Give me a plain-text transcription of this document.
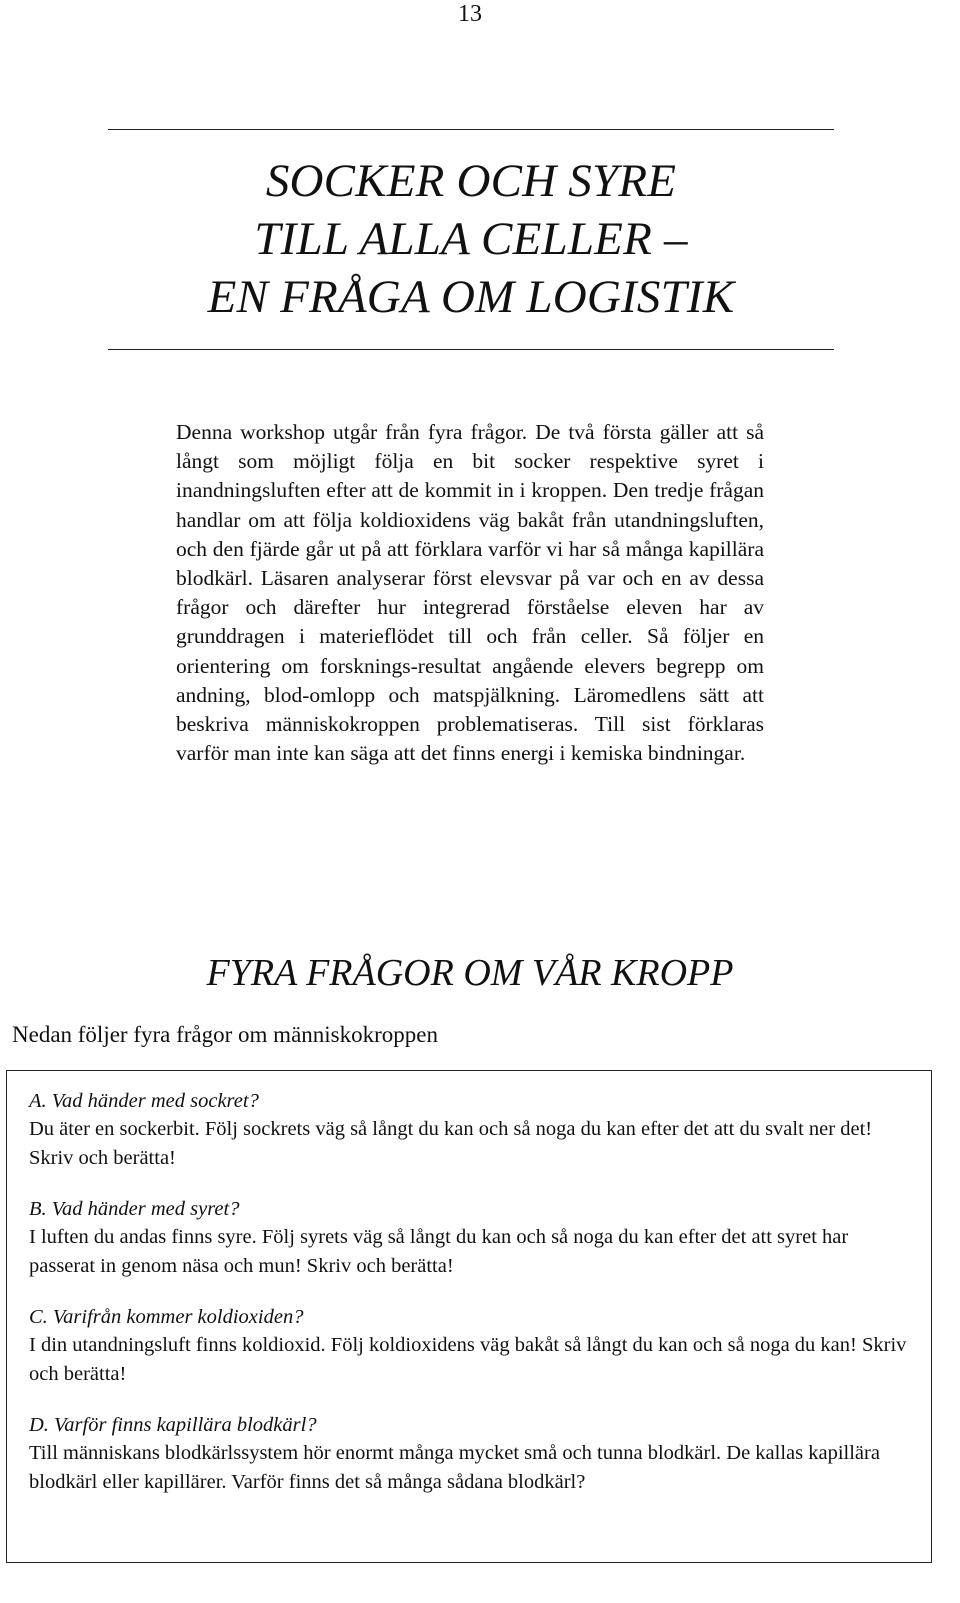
13
SOCKER OCH SYRE
TILL ALLA CELLER –
EN FRÅGA OM LOGISTIK

Denna workshop utgår från fyra frågor. De två första gäller att så långt som möjligt följa en bit socker respektive syret i inandningsluften efter att de kommit in i kroppen. Den tredje frågan handlar om att följa koldioxidens väg bakåt från utandningsluften, och den fjärde går ut på att förklara varför vi har så många kapillära blodkärl. Läsaren analyserar först elevsvar på var och en av dessa frågor och därefter hur integrerad förståelse eleven har av grunddragen i materieflödet till och från celler. Så följer en orientering om forsknings-resultat angående elevers begrepp om andning, blod-omlopp och matspjälkning. Läromedlens sätt att beskriva människokroppen problematiseras. Till sist förklaras varför man inte kan säga att det finns energi i kemiska bindningar.

FYRA FRÅGOR OM VÅR KROPP

Nedan följer fyra frågor om människokroppen

A. Vad händer med sockret?
Du äter en sockerbit. Följ sockrets väg så långt du kan och så noga du kan efter det att du svalt ner det! Skriv och berätta!
B. Vad händer med syret?
I luften du andas finns syre. Följ syrets väg så långt du kan och så noga du kan efter det att syret har passerat in genom näsa och mun! Skriv och berätta!
C. Varifrån kommer koldioxiden?
I din utandningsluft finns koldioxid. Följ koldioxidens väg bakåt så långt du kan och så noga du kan! Skriv och berätta!
D. Varför finns kapillära blodkärl?
Till människans blodkärlssystem hör enormt många mycket små och tunna blodkärl. De kallas kapillära blodkärl eller kapillärer. Varför finns det så många sådana blodkärl?
